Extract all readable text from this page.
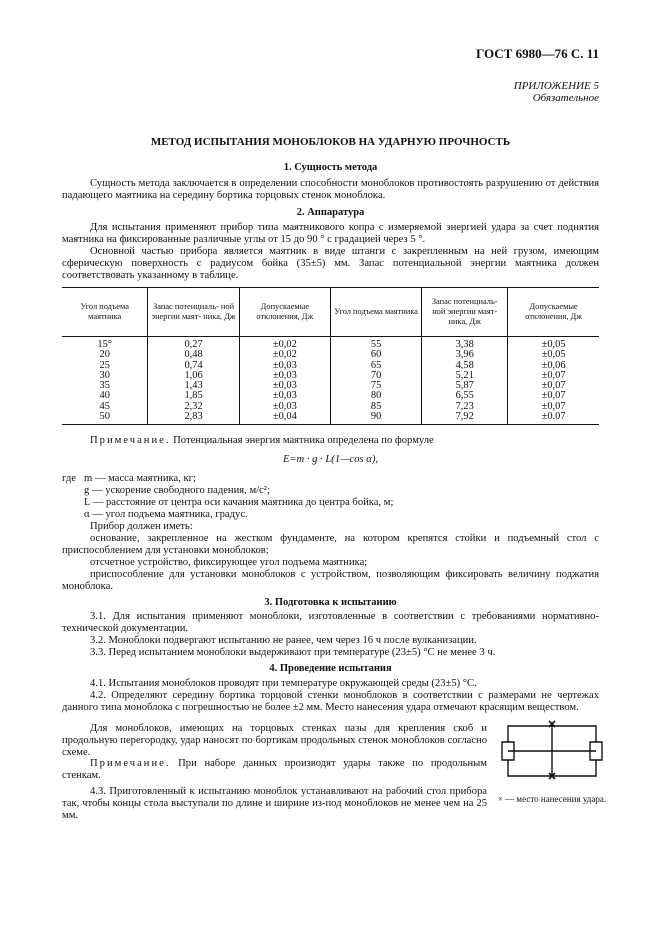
ГОСТ 6980—76 С. 11
ПРИЛОЖЕНИЕ 5
Обязательное
МЕТОД ИСПЫТАНИЯ МОНОБЛОКОВ НА УДАРНУЮ ПРОЧНОСТЬ
1. Сущность метода
Сущность метода заключается в определении способности моноблоков противостоять разрушению от действия падающего маятника на середину бортика торцовых стенок моноблока.
2. Аппаратура
Для испытания применяют прибор типа маятникового копра с измеряемой энергией удара за счет поднятия маятника на фиксированные различные углы от 15 до 90 ° с градацией через 5 °.
Основной частью прибора является маятник в виде штанги с закрепленным на ней грузом, имеющим сферическую поверхность с радиусом бойка (35±5) мм. Запас потенциальной энергии маятника должен соответствовать указанному в таблице.
Угол подъема маятника	Запас потенциаль- ной энергии маят- ника, Дж	Допускаемые отклонения, Дж	Угол подъема маятника	Запас потенциаль- ной энергии маят- ника, Дж	Допускаемые отклонения, Дж
15°	0,27	±0,02	55	3,38	±0,05
20	0,48	±0,02	60	3,96	±0,05
25	0,74	±0,03	65	4,58	±0,06
30	1,06	±0,03	70	5,21	±0,07
35	1,43	±0,03	75	5,87	±0,07
40	1,85	±0,03	80	6,55	±0,07
45	2,32	±0,03	85	7,23	±0,07
50	2,83	±0,04	90	7,92	±0.07
Примечание. Потенциальная энергия маятника определена по формуле
E=m · g · L(1—cos α),
где m — масса маятника, кг;
g — ускорение свободного падения, м/с²;
L — расстояние от центра оси качания маятника до центра бойка, м;
α — угол подъема маятника, градус.
Прибор должен иметь:
основание, закрепленное на жестком фундаменте, на котором крепятся стойки и подъемный стол с приспособлением для установки моноблоков;
отсчетное устройство, фиксирующее угол подъема маятника;
приспособление для установки моноблоков с устройством, позволяющим фиксировать величину поджатия моноблока.
3. Подготовка к испытанию
3.1. Для испытания применяют моноблоки, изготовленные в соответствии с требованиями нормативно-технической документации.
3.2. Моноблоки подвергают испытанию не ранее, чем через 16 ч после вулканизации.
3.3. Перед испытанием моноблоки выдерживают при температуре (23±5) °С не менее 3 ч.
4. Проведение испытания
4.1. Испытания моноблоков проводят при температуре окружающей среды (23±5) °С.
4.2. Определяют середину бортика торцовой стенки моноблоков в соответствии с размерами не чертежах данного типа моноблока с погрешностью не более ±2 мм. Место нанесения удара отмечают красящим веществом.
Для моноблоков, имеющих на торцовых стенках пазы для крепления скоб и продольную перегородку, удар наносят по бортикам продольных стенок моноблоков согласно схеме.
Примечание. При наборе данных производят удары также по продольным стенкам.
4.3. Приготовленный к испытанию моноблок устанавливают на рабочий стол прибора так, чтобы концы стола выступали по длине и ширине из-под моноблоков не менее чем на 25 мм.
× — место нанесения удара.
